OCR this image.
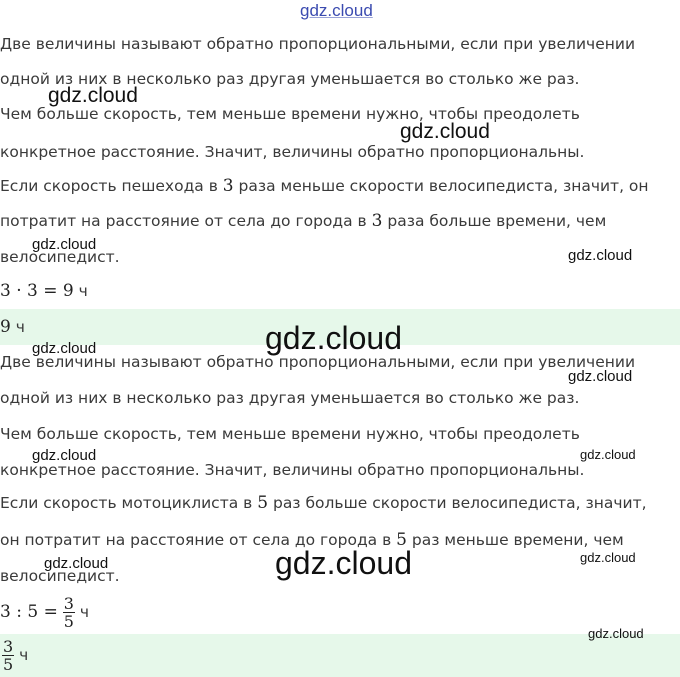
Две величины называют обратно пропорциональными, если при увеличении
одной из них в несколько раз другая уменьшается во столько же раз.
Чем больше скорость, тем меньше времени нужно, чтобы преодолеть
конкретное расстояние. Значит, величины обратно пропорциональны.
Если скорость пешехода в 3 раза меньше скорости велосипедиста, значит, он
потратит на расстояние от села до города в 3 раза больше времени, чем
велосипедист.
3 · 3 = 9 ч
9 ч
Две величины называют обратно пропорциональными, если при увеличении
одной из них в несколько раз другая уменьшается во столько же раз.
Чем больше скорость, тем меньше времени нужно, чтобы преодолеть
конкретное расстояние. Значит, величины обратно пропорциональны.
Если скорость мотоциклиста в 5 раз больше скорости велосипедиста, значит,
он потратит на расстояние от села до города в 5 раз меньше времени, чем
велосипедист.
3 : $5 = \frac{3}{5}$ ч
$\frac{3}{5}$ ч
gdz.cloud
gdz.cloud
gdz.cloud
gdz.cloud
gdz.cloud
gdz.cloud
gdz.cloud
gdz.cloud
gdz.cloud	gdz.cloud
gdz.cloud	gdz.cloud	gdz.cloud
gdz.cloud
